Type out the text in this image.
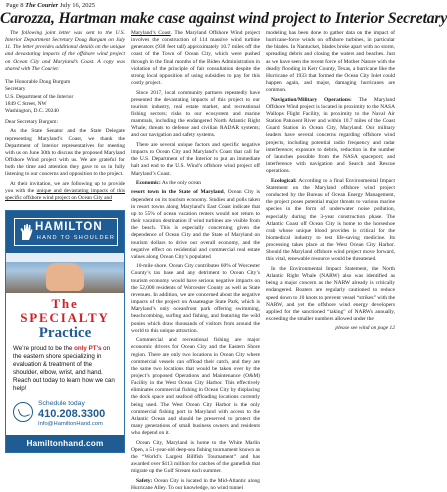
Page 8 The Courier July 16, 2025
Carozza, Hartman make case against wind project to Interior Secretary

The following joint letter was sent to the U.S. Interior Department Secretary Doug Burgum on July 11. The letter provides additional details on the unique and devastating impacts of the offshore wind project on Ocean City and Maryland’s Coast. A copy was shared with The Courier.

The Honorable Doug Burgum

Secretary

U.S. Department of the Interior

1849 C Street, NW

Washington, D.C. 20240

Dear Secretary Burgum:

As the State Senator and the State Delegate representing Maryland’s Coast, we thank the Department of Interior representatives for meeting with us on June 30th to discuss the proposed Maryland Offshore Wind project with us. We are grateful for both the time and attention they gave to us in fully listening to our concerns and opposition to the project.

At their invitation, we are following up to provide you with the unique and devastating impacts of this specific offshore wind project on Ocean City and

HAMILTON
HAND TO SHOULDER
The SPECIALTY
Practice
We’re proud to be the only PT’s on the eastern shore specializing in evaluation & treatment of the shoulder, elbow, wrist, and hand. Reach out today to learn how we can help!
Schedule today
410.208.3300
Info@HamiltonHand.com
Hamiltonhand.com

Maryland’s Coast. The Maryland Offshore Wind project involves the construction of 114 massive wind turbine generators (938 feet tall) approximately 10.7 miles off the coast of the Town of Ocean City, which were pushed through in the final months of the Biden Administration in violation of the principle of fair consultation despite the strong local opposition of using subsidies to pay for this costly project.

Since 2017, local community partners repeatedly have presented the devastating impacts of this project to our tourism industry, real estate market, and recreational fishing sectors; risks to our ecosystem and marine mammals, including the endangered North Atlantic Right Whale; threats to defense and civilian RADAR systems; and our navigation and safety systems.

There are several unique factors and specific negative impacts to Ocean City and Maryland’s Coast that call for the U.S. Department of the Interior to put an immediate halt and end to the U.S. Wind’s offshore wind project off Maryland’s Coast.

Economic: As the only ocean

resort town in the State of Maryland, Ocean City is dependent on its tourism economy. Studies and polls taken in resort towns along Maryland’s East Coast indicate that up to 55% of ocean vacation renters would not return to their vacation destination if wind turbines are visible from the beach. This is especially concerning given the dependence of Ocean City and the State of Maryland on tourism dollars to drive our overall economy, and the negative effect on residential and commercial real estate values along Ocean City’s populated

10-mile shore. Ocean City contributes 60% of Worcester County’s tax base and any detriment to Ocean City’s tourism economy would have serious negative impacts on the 52,000 residents of Worcester County as well as State revenues. In addition, we are concerned about the negative impacts of the project on Assateague State Park, which is Maryland’s only oceanfront park offering swimming, beachcombing, surfing and fishing, and featuring the wild ponies which draw thousands of visitors from around the world to this unique attraction.

Commercial and recreational fishing are major economic drivers for Ocean City and the Eastern Shore region. There are only two locations in Ocean City where commercial vessels can offload their catch, and they are the same two locations that would be taken over by the project’s proposed Operations and Maintenance (O&M) Facility in the West Ocean City Harbor. This effectively eliminates commercial fishing in Ocean City by displacing the dock space and seafood offloading locations currently being used. The West Ocean City Harbor is the only commercial fishing port in Maryland with access to the Atlantic Ocean and should be preserved to protect the many generations of small business owners and residents who depend on it.

Ocean City, Maryland is home to the White Marlin Open, a 51-year-old deep-sea fishing tournament known as the “World’s Largest Billfish Tournament” and has awarded over $113 million for catches of the gamefish that migrate up the Gulf Stream each summer.

Safety: Ocean City is located in the Mid-Atlantic along Hurricane Alley. To our knowledge, no wind tunnel

modeling has been done to gather data on the impact of hurricane-force winds on offshore turbines, in particular the blades. In Nantucket, blades broke apart with no storm, spreading debris and closing the waters and beaches. Just as we have seen the recent force of Mother Nature with the deadly flooding in Kerr County, Texas, a hurricane like the Hurricane of 1933 that formed the Ocean City Inlet could happen again, and major, damaging hurricanes are common.

Navigation/Military Operations: The Maryland Offshore Wind project is located in proximity to the NASA Wallops Flight Facility, in proximity to the Naval Air Station Patuxent River and within 10.7 miles of the Coast Guard Station in Ocean City, Maryland. Our military leaders have several concerns regarding offshore wind projects, including potential radio frequency and radar interference; exposure to debris, reduction in the number of launches possible from the NASA spaceport; and interference with navigation and Search and Rescue operations.

Ecological: According to a final Environmental Impact Statement on the Maryland offshore wind project conducted by the Bureau of Ocean Energy Management, the project poses potential major threats to various marine species in the form of underwater noise pollution, especially during the 3-year construction phase. The Atlantic Coast off Ocean City is home to the horseshoe crab whose unique blood provides is critical for the biomedical industry to test life-saving medicine. Its processing takes place at the West Ocean City Harbor. Should the Maryland offshore wind project move forward, this vital, renewable resource would be threatened.

In the Environmental Impact Statement, the North Atlantic Right Whale (NARW) also was identified as being a major concern as the NARW already is critically endangered. Boaters are regularly cautioned to reduce speed down to 10 knots to prevent vessel “strikes” with the NARW, and yet the offshore wind energy developers applied for the sanctioned “taking” of NARWs annually, exceeding the smaller numbers allowed under the

please see wind on page 12
